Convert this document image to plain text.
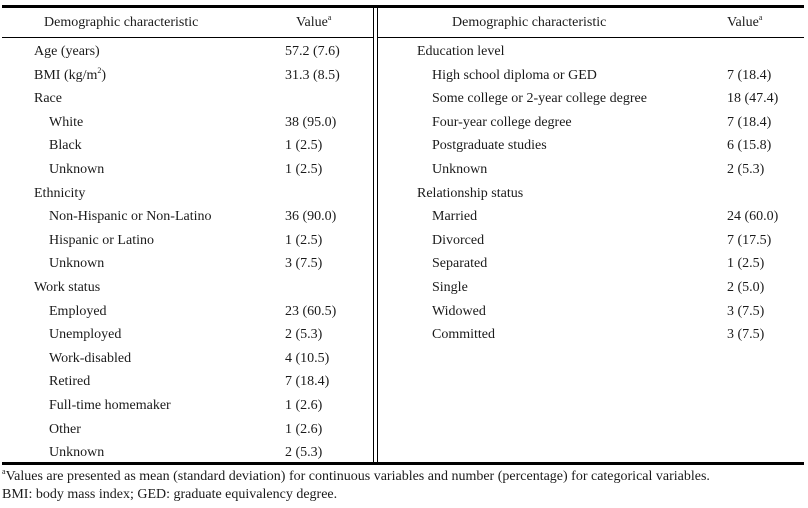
Demographic characteristic	Value$^a$
Age (years)	57.2 (7.6)
BMI $(kg/m^2)$	31.3 (8.5)
Race
White	38 (95.0)
Black	1 (2.5)
Unknown	1 (2.5)
Ethnicity
Non-Hispanic or Non-Latino	36 (90.0)
Hispanic or Latino	1 (2.5)
Unknown	3 (7.5)
Work status
Employed	23 (60.5)
Unemployed	2 (5.3)
Work-disabled	4 (10.5)
Retired	7 (18.4)
Full-time homemaker	1 (2.6)
Other	1 (2.6)
Unknown	2 (5.3)
Demographic characteristic	Value$^a$
Education level
High school diploma or GED	7 (18.4)
Some college or 2-year college degree	18 (47.4)
Four-year college degree	7 (18.4)
Postgraduate studies	6 (15.8)
Unknown	2 (5.3)
Relationship status
Married	24 (60.0)
Divorced	7 (17.5)
Separated	1 (2.5)
Single	2 (5.0)
Widowed	3 (7.5)
Committed	3 (7.5)
$^a$Values are presented as mean (standard deviation) for continuous variables and number (percentage) for categorical variables.
BMI: body mass index; GED: graduate equivalency degree.
